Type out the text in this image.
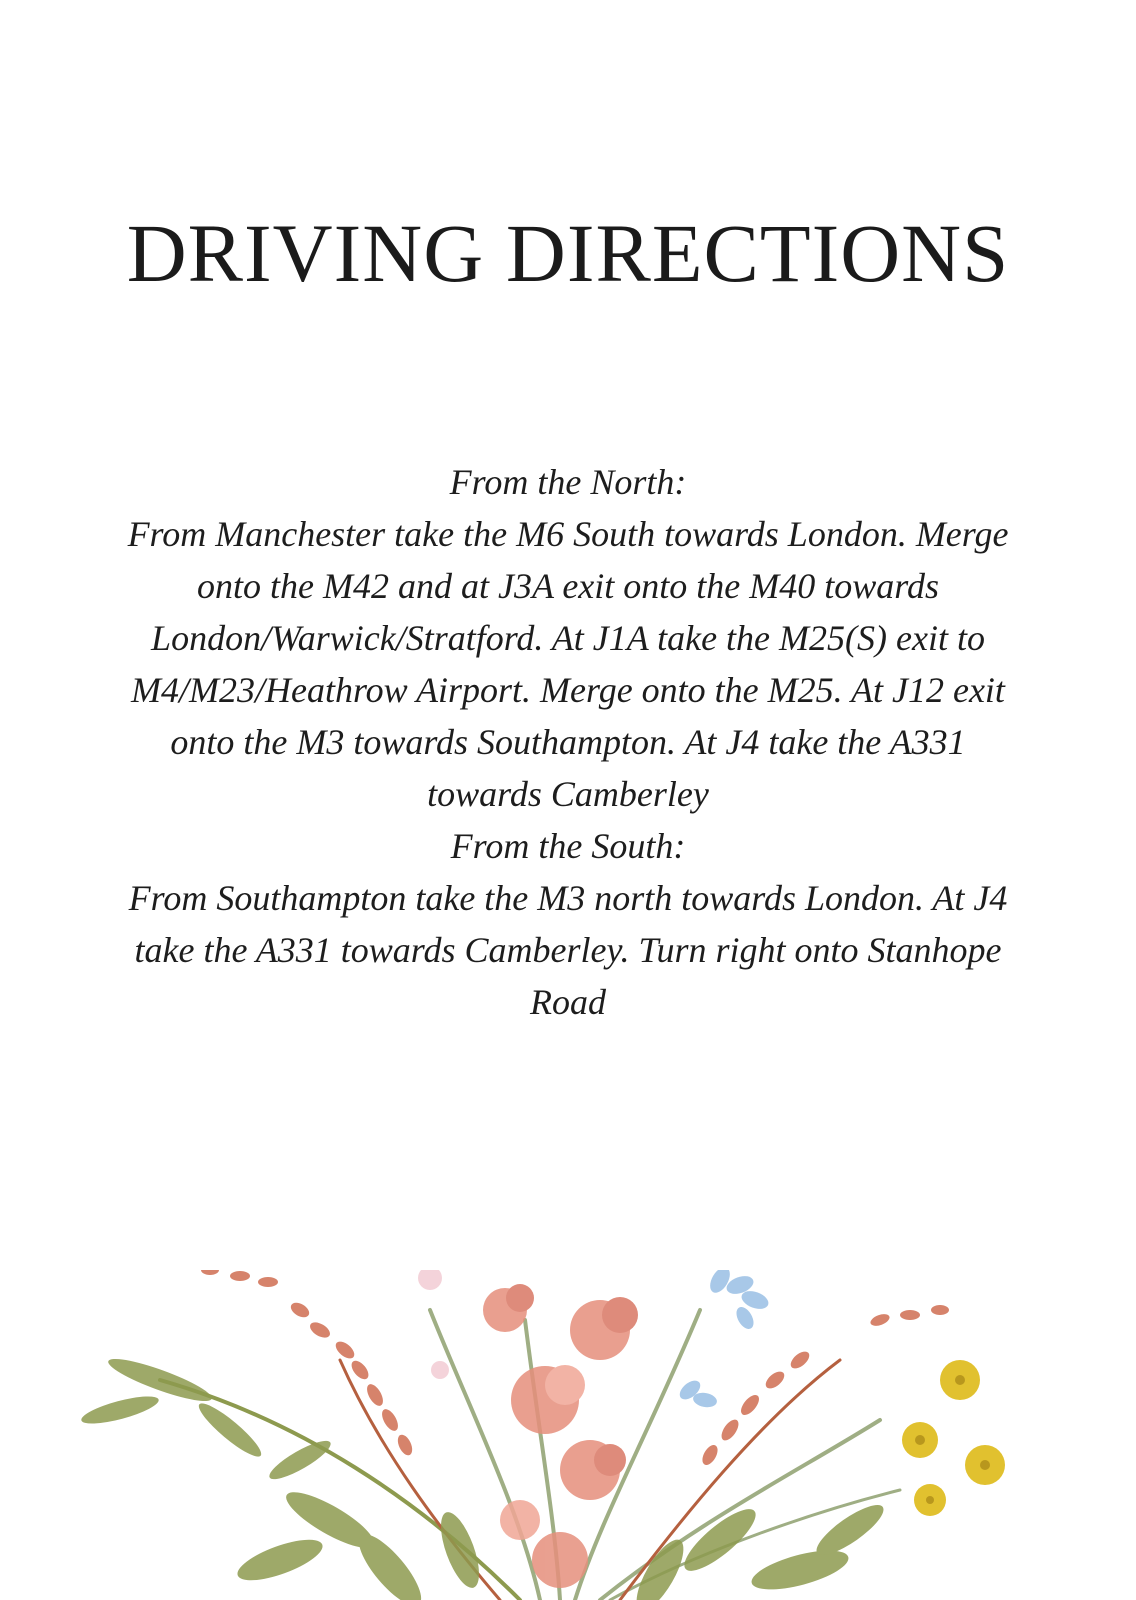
DRIVING DIRECTIONS
From the North:
From Manchester take the M6 South towards London. Merge onto the M42 and at J3A exit onto the M40 towards London/Warwick/Stratford. At J1A take the M25(S) exit to M4/M23/Heathrow Airport. Merge onto the M25. At J12 exit onto the M3 towards Southampton. At J4 take the A331 towards Camberley
From the South:
From Southampton take the M3 north towards London. At J4 take the A331 towards Camberley. Turn right onto Stanhope Road
